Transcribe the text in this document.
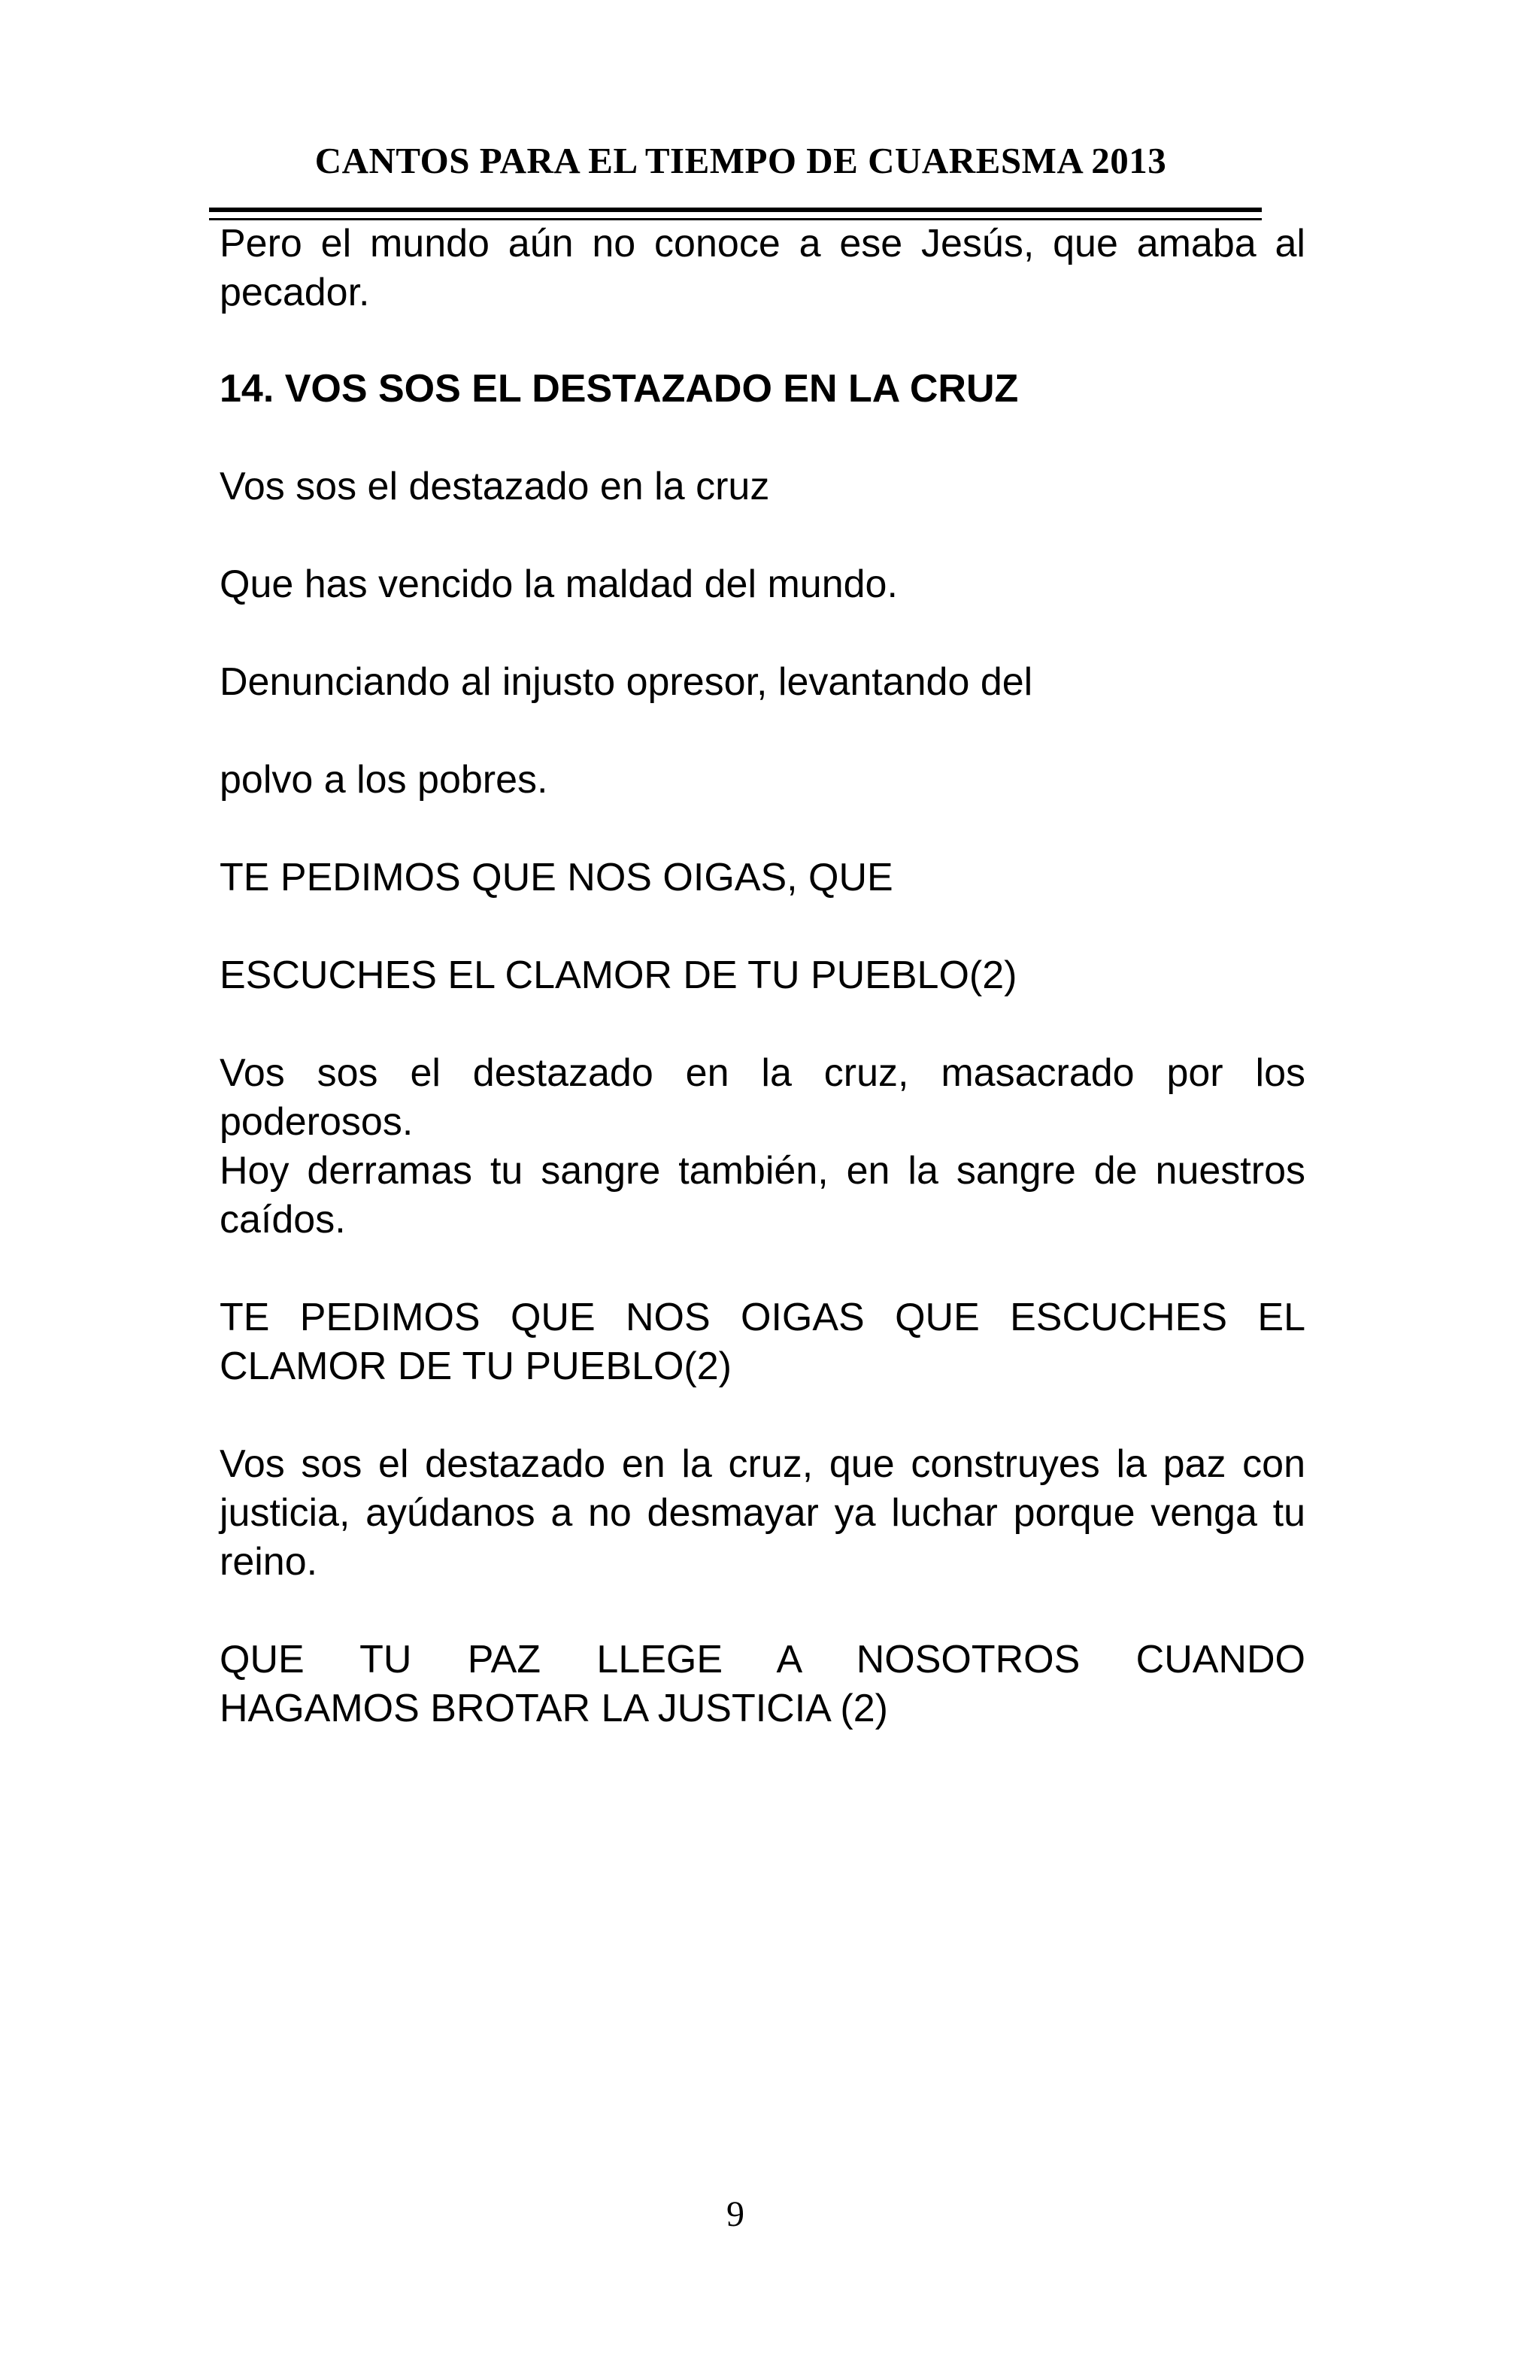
CANTOS PARA EL TIEMPO DE CUARESMA 2013

Pero el mundo aún no conoce a ese Jesús, que amaba al pecador.

14. VOS SOS EL DESTAZADO EN LA CRUZ

Vos sos el destazado en la cruz

Que has vencido la maldad del mundo.

Denunciando al injusto opresor, levantando del

polvo a los pobres.

TE PEDIMOS QUE NOS OIGAS, QUE

ESCUCHES EL CLAMOR DE TU PUEBLO(2)

Vos sos el destazado en la cruz, masacrado por los poderosos.

Hoy derramas tu sangre también, en la sangre de nuestros caídos.

TE PEDIMOS QUE NOS OIGAS QUE ESCUCHES EL CLAMOR DE TU PUEBLO(2)

Vos sos el destazado en la cruz, que construyes la paz con justicia, ayúdanos a no desmayar ya luchar porque venga tu reino.

QUE TU PAZ LLEGE A NOSOTROS CUANDO

HAGAMOS BROTAR LA JUSTICIA (2)

9
